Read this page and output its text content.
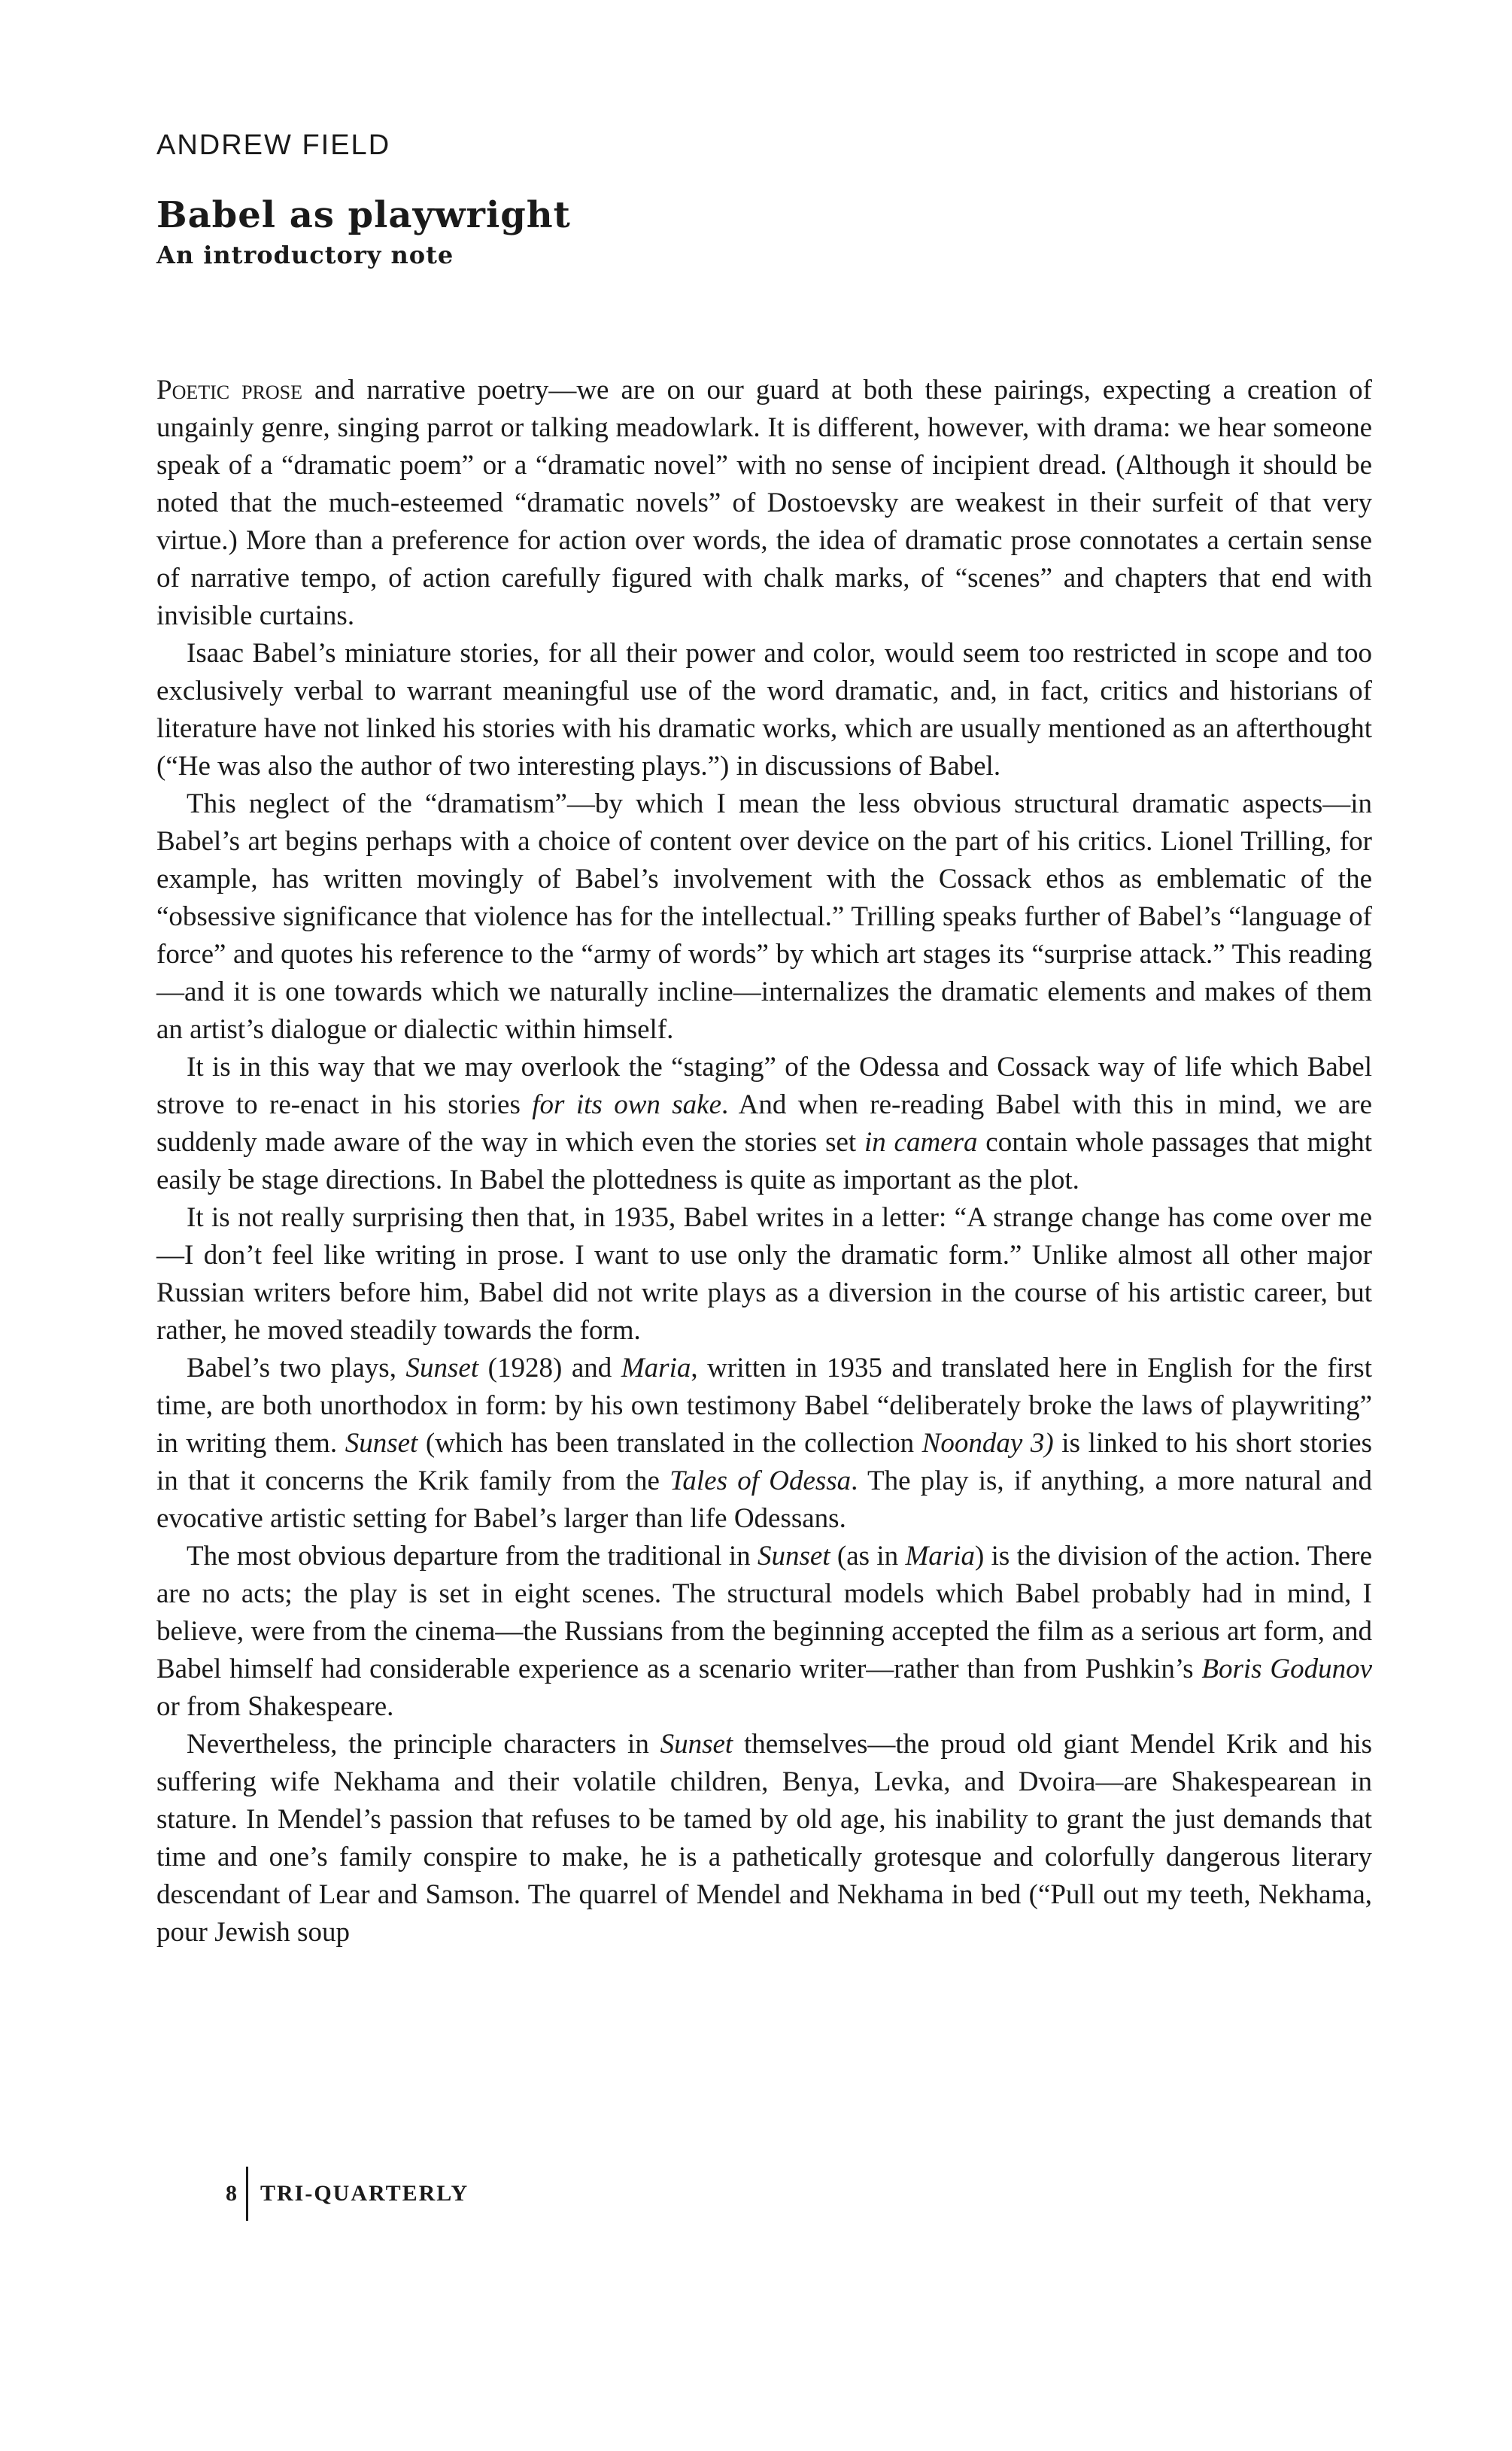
ANDREW FIELD
Babel as playwright
An introductory note

Poetic prose and narrative poetry—we are on our guard at both these pairings, expecting a creation of ungainly genre, singing parrot or talking meadowlark. It is different, however, with drama: we hear someone speak of a “dramatic poem” or a “dramatic novel” with no sense of incipient dread. (Although it should be noted that the much-esteemed “dramatic novels” of Dostoevsky are weakest in their surfeit of that very virtue.) More than a preference for action over words, the idea of dramatic prose connotates a certain sense of narrative tempo, of action carefully figured with chalk marks, of “scenes” and chapters that end with invisible curtains.

Isaac Babel’s miniature stories, for all their power and color, would seem too restricted in scope and too exclusively verbal to warrant meaningful use of the word dramatic, and, in fact, critics and historians of literature have not linked his stories with his dramatic works, which are usually mentioned as an afterthought (“He was also the author of two interesting plays.”) in discussions of Babel.

This neglect of the “dramatism”—by which I mean the less obvious structural dramatic aspects—in Babel’s art begins perhaps with a choice of content over device on the part of his critics. Lionel Trilling, for example, has written movingly of Babel’s involvement with the Cossack ethos as emblematic of the “obsessive significance that violence has for the intellectual.” Trilling speaks further of Babel’s “language of force” and quotes his reference to the “army of words” by which art stages its “surprise attack.” This reading—and it is one towards which we naturally incline—internalizes the dramatic elements and makes of them an artist’s dialogue or dialectic within himself.

It is in this way that we may overlook the “staging” of the Odessa and Cossack way of life which Babel strove to re-enact in his stories for its own sake. And when re-reading Babel with this in mind, we are suddenly made aware of the way in which even the stories set in camera contain whole passages that might easily be stage directions. In Babel the plottedness is quite as important as the plot.

It is not really surprising then that, in 1935, Babel writes in a letter: “A strange change has come over me—I don’t feel like writing in prose. I want to use only the dramatic form.” Unlike almost all other major Russian writers before him, Babel did not write plays as a diversion in the course of his artistic career, but rather, he moved steadily towards the form.

Babel’s two plays, Sunset (1928) and Maria, written in 1935 and translated here in English for the first time, are both unorthodox in form: by his own testimony Babel “deliberately broke the laws of playwriting” in writing them. Sunset (which has been translated in the collection Noonday 3) is linked to his short stories in that it concerns the Krik family from the Tales of Odessa. The play is, if anything, a more natural and evocative artistic setting for Babel’s larger than life Odessans.

The most obvious departure from the traditional in Sunset (as in Maria) is the division of the action. There are no acts; the play is set in eight scenes. The structural models which Babel probably had in mind, I believe, were from the cinema—the Russians from the beginning accepted the film as a serious art form, and Babel himself had considerable experience as a scenario writer—rather than from Pushkin’s Boris Godunov or from Shakespeare.

Nevertheless, the principle characters in Sunset themselves—the proud old giant Mendel Krik and his suffering wife Nekhama and their volatile children, Benya, Levka, and Dvoira—are Shakespearean in stature. In Mendel’s passion that refuses to be tamed by old age, his inability to grant the just demands that time and one’s family conspire to make, he is a pathetically grotesque and colorfully dangerous literary descendant of Lear and Samson. The quarrel of Mendel and Nekhama in bed (“Pull out my teeth, Nekhama, pour Jewish soup

8	TRI-QUARTERLY
